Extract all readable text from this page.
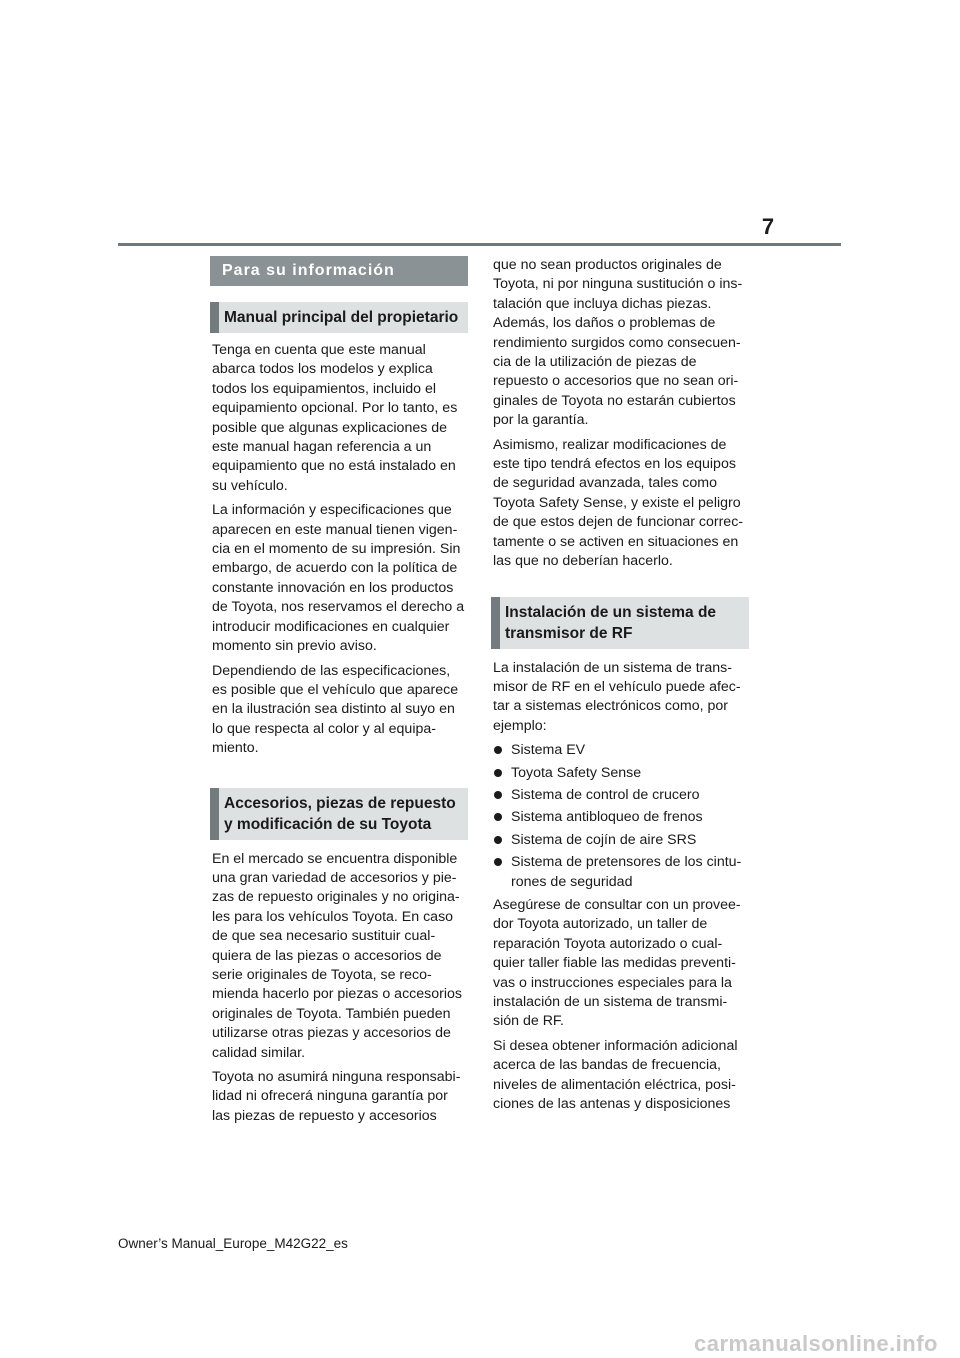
7
Para su información
Manual principal del propietario

Tenga en cuenta que este manual abarca todos los modelos y explica todos los equipamientos, incluido el equipamiento opcional. Por lo tanto, es posible que algunas explicaciones de este manual hagan referencia a un equipamiento que no está instalado en su vehículo.

La información y especificaciones que aparecen en este manual tienen vigen-cia en el momento de su impresión. Sin embargo, de acuerdo con la política de constante innovación en los productos de Toyota, nos reservamos el derecho a introducir modificaciones en cualquier momento sin previo aviso.

Dependiendo de las especificaciones, es posible que el vehículo que aparece en la ilustración sea distinto al suyo en lo que respecta al color y al equipa-miento.

Accesorios, piezas de repuesto y modificación de su Toyota

En el mercado se encuentra disponible una gran variedad de accesorios y pie-zas de repuesto originales y no origina-les para los vehículos Toyota. En caso de que sea necesario sustituir cual-quiera de las piezas o accesorios de serie originales de Toyota, se reco-mienda hacerlo por piezas o accesorios originales de Toyota. También pueden utilizarse otras piezas y accesorios de calidad similar.

Toyota no asumirá ninguna responsabi-lidad ni ofrecerá ninguna garantía por las piezas de repuesto y accesorios

que no sean productos originales de Toyota, ni por ninguna sustitución o ins-talación que incluya dichas piezas. Además, los daños o problemas de rendimiento surgidos como consecuen-cia de la utilización de piezas de repuesto o accesorios que no sean ori-ginales de Toyota no estarán cubiertos por la garantía.

Asimismo, realizar modificaciones de este tipo tendrá efectos en los equipos de seguridad avanzada, tales como Toyota Safety Sense, y existe el peligro de que estos dejen de funcionar correc-tamente o se activen en situaciones en las que no deberían hacerlo.

Instalación de un sistema de transmisor de RF

La instalación de un sistema de trans-misor de RF en el vehículo puede afec-tar a sistemas electrónicos como, por ejemplo:

Sistema EV
Toyota Safety Sense
Sistema de control de crucero
Sistema antibloqueo de frenos
Sistema de cojín de aire SRS
Sistema de pretensores de los cintu-rones de seguridad

Asegúrese de consultar con un provee-dor Toyota autorizado, un taller de reparación Toyota autorizado o cual-quier taller fiable las medidas preventi-vas o instrucciones especiales para la instalación de un sistema de transmi-sión de RF.

Si desea obtener información adicional acerca de las bandas de frecuencia, niveles de alimentación eléctrica, posi-ciones de las antenas y disposiciones

Owner’s Manual_Europe_M42G22_es
carmanualsonline.info
